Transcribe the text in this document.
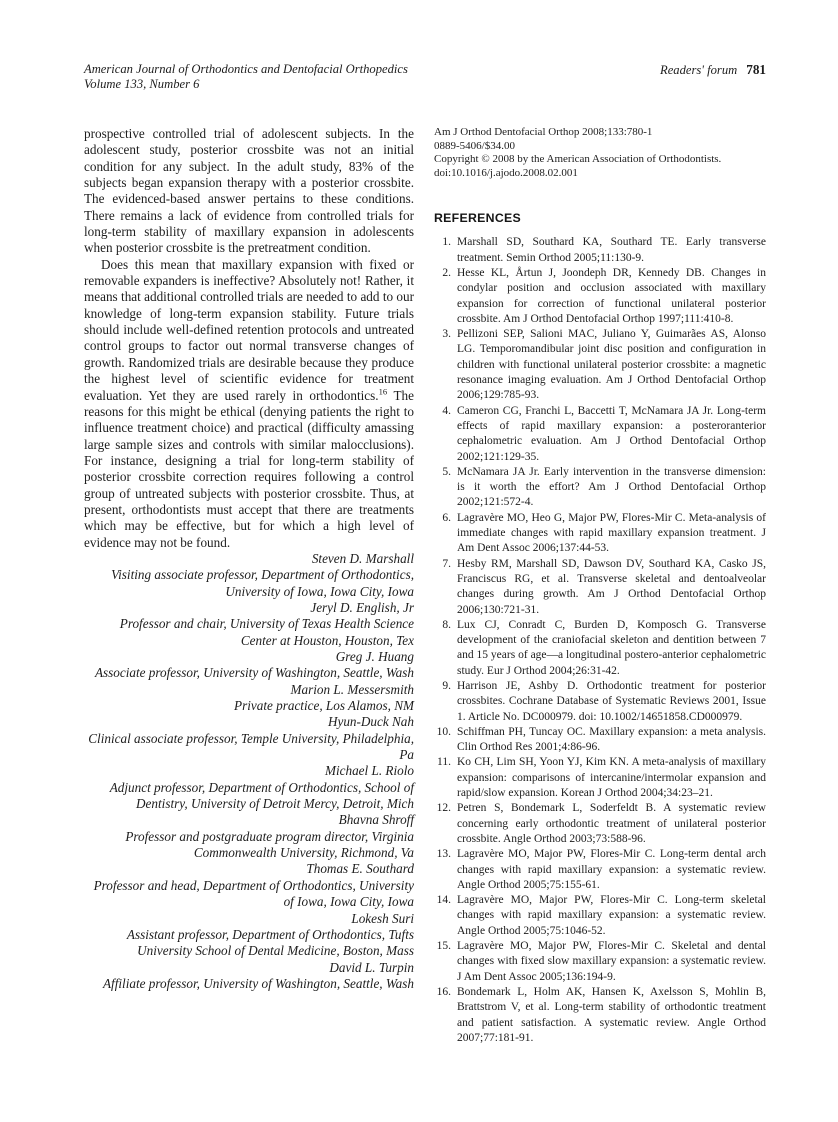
American Journal of Orthodontics and Dentofacial Orthopedics
Volume 133, Number 6
Readers' forum 781

prospective controlled trial of adolescent subjects. In the adolescent study, posterior crossbite was not an initial condition for any subject. In the adult study, 83% of the subjects began expansion therapy with a posterior crossbite. The evidenced-based answer pertains to these conditions. There remains a lack of evidence from controlled trials for long-term stability of maxillary expansion in adolescents when posterior crossbite is the pretreatment condition.

Does this mean that maxillary expansion with fixed or removable expanders is ineffective? Absolutely not! Rather, it means that additional controlled trials are needed to add to our knowledge of long-term expansion stability. Future trials should include well-defined retention protocols and untreated control groups to factor out normal transverse changes of growth. Randomized trials are desirable because they produce the highest level of scientific evidence for treatment evaluation. Yet they are used rarely in orthodontics.$^{16}$ The reasons for this might be ethical (denying patients the right to influence treatment choice) and practical (difficulty amassing large sample sizes and controls with similar malocclusions). For instance, designing a trial for long-term stability of posterior crossbite correction requires following a control group of untreated subjects with posterior crossbite. Thus, at present, orthodontists must accept that there are treatments which may be effective, but for which a high level of evidence may not be found.

Steven D. Marshall
Visiting associate professor, Department of Orthodontics, University of Iowa, Iowa City, Iowa
Jeryl D. English, Jr
Professor and chair, University of Texas Health Science Center at Houston, Houston, Tex
Greg J. Huang
Associate professor, University of Washington, Seattle, Wash
Marion L. Messersmith
Private practice, Los Alamos, NM
Hyun-Duck Nah
Clinical associate professor, Temple University, Philadelphia, Pa
Michael L. Riolo
Adjunct professor, Department of Orthodontics, School of Dentistry, University of Detroit Mercy, Detroit, Mich
Bhavna Shroff
Professor and postgraduate program director, Virginia Commonwealth University, Richmond, Va
Thomas E. Southard
Professor and head, Department of Orthodontics, University of Iowa, Iowa City, Iowa
Lokesh Suri
Assistant professor, Department of Orthodontics, Tufts University School of Dental Medicine, Boston, Mass
David L. Turpin
Affiliate professor, University of Washington, Seattle, Wash
Am J Orthod Dentofacial Orthop 2008;133:780-1
0889-5406/$34.00
Copyright © 2008 by the American Association of Orthodontists.
doi:10.1016/j.ajodo.2008.02.001
REFERENCES
1. Marshall SD, Southard KA, Southard TE. Early transverse treatment. Semin Orthod 2005;11:130-9.
2. Hesse KL, Årtun J, Joondeph DR, Kennedy DB. Changes in condylar position and occlusion associated with maxillary expansion for correction of functional unilateral posterior crossbite. Am J Orthod Dentofacial Orthop 1997;111:410-8.
3. Pellizoni SEP, Salioni MAC, Juliano Y, Guimarães AS, Alonso LG. Temporomandibular joint disc position and configuration in children with functional unilateral posterior crossbite: a magnetic resonance imaging evaluation. Am J Orthod Dentofacial Orthop 2006;129:785-93.
4. Cameron CG, Franchi L, Baccetti T, McNamara JA Jr. Long-term effects of rapid maxillary expansion: a posteroranterior cephalometric evaluation. Am J Orthod Dentofacial Orthop 2002;121:129-35.
5. McNamara JA Jr. Early intervention in the transverse dimension: is it worth the effort? Am J Orthod Dentofacial Orthop 2002;121:572-4.
6. Lagravère MO, Heo G, Major PW, Flores-Mir C. Meta-analysis of immediate changes with rapid maxillary expansion treatment. J Am Dent Assoc 2006;137:44-53.
7. Hesby RM, Marshall SD, Dawson DV, Southard KA, Casko JS, Franciscus RG, et al. Transverse skeletal and dentoalveolar changes during growth. Am J Orthod Dentofacial Orthop 2006;130:721-31.
8. Lux CJ, Conradt C, Burden D, Komposch G. Transverse development of the craniofacial skeleton and dentition between 7 and 15 years of age—a longitudinal postero-anterior cephalometric study. Eur J Orthod 2004;26:31-42.
9. Harrison JE, Ashby D. Orthodontic treatment for posterior crossbites. Cochrane Database of Systematic Reviews 2001, Issue 1. Article No. DC000979. doi: 10.1002/14651858.CD000979.
10. Schiffman PH, Tuncay OC. Maxillary expansion: a meta analysis. Clin Orthod Res 2001;4:86-96.
11. Ko CH, Lim SH, Yoon YJ, Kim KN. A meta-analysis of maxillary expansion: comparisons of intercanine/intermolar expansion and rapid/slow expansion. Korean J Orthod 2004;34:23–21.
12. Petren S, Bondemark L, Soderfeldt B. A systematic review concerning early orthodontic treatment of unilateral posterior crossbite. Angle Orthod 2003;73:588-96.
13. Lagravère MO, Major PW, Flores-Mir C. Long-term dental arch changes with rapid maxillary expansion: a systematic review. Angle Orthod 2005;75:155-61.
14. Lagravère MO, Major PW, Flores-Mir C. Long-term skeletal changes with rapid maxillary expansion: a systematic review. Angle Orthod 2005;75:1046-52.
15. Lagravère MO, Major PW, Flores-Mir C. Skeletal and dental changes with fixed slow maxillary expansion: a systematic review. J Am Dent Assoc 2005;136:194-9.
16. Bondemark L, Holm AK, Hansen K, Axelsson S, Mohlin B, Brattstrom V, et al. Long-term stability of orthodontic treatment and patient satisfaction. A systematic review. Angle Orthod 2007;77:181-91.
